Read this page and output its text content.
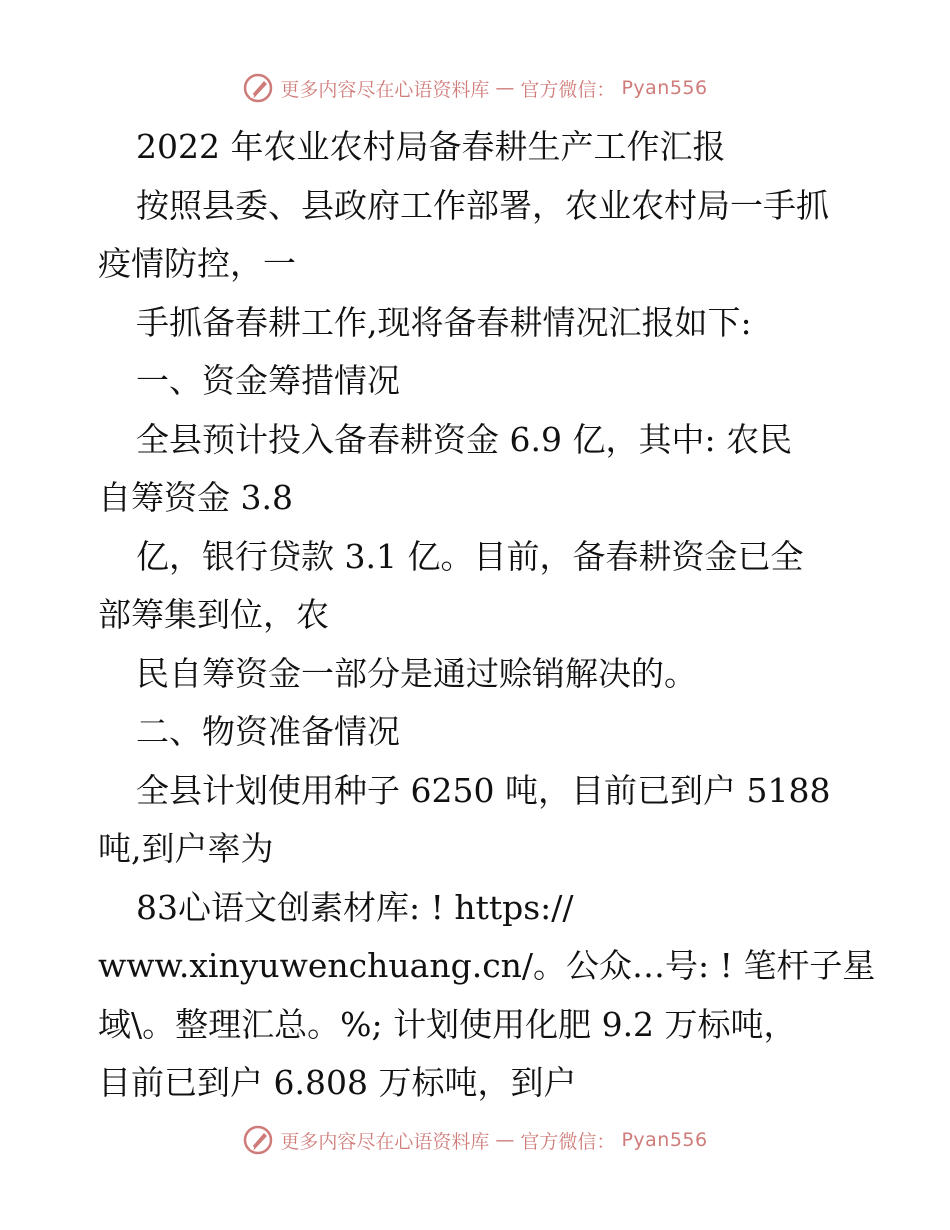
更多内容尽在心语资料库 — 官方微信： Pyan556
2022 年农业农村局备春耕生产工作汇报
按照县委、县政府工作部署，农业农村局一手抓
疫情防控，一
手抓备春耕工作,现将备春耕情况汇报如下:
一、资金筹措情况
全县预计投入备春耕资金 6.9 亿，其中: 农民
自筹资金 3.8
亿，银行贷款 3.1 亿。目前，备春耕资金已全
部筹集到位，农
民自筹资金一部分是通过赊销解决的。
二、物资准备情况
全县计划使用种子 6250 吨，目前已到户 5188
吨,到户率为
83心语文创素材库: ! https://
www.xinyuwenchuang.cn/。公众…号: ! 笔杆子星
域\。整理汇总。%; 计划使用化肥 9.2 万标吨，
目前已到户 6.808 万标吨，到户
更多内容尽在心语资料库 — 官方微信： Pyan556
